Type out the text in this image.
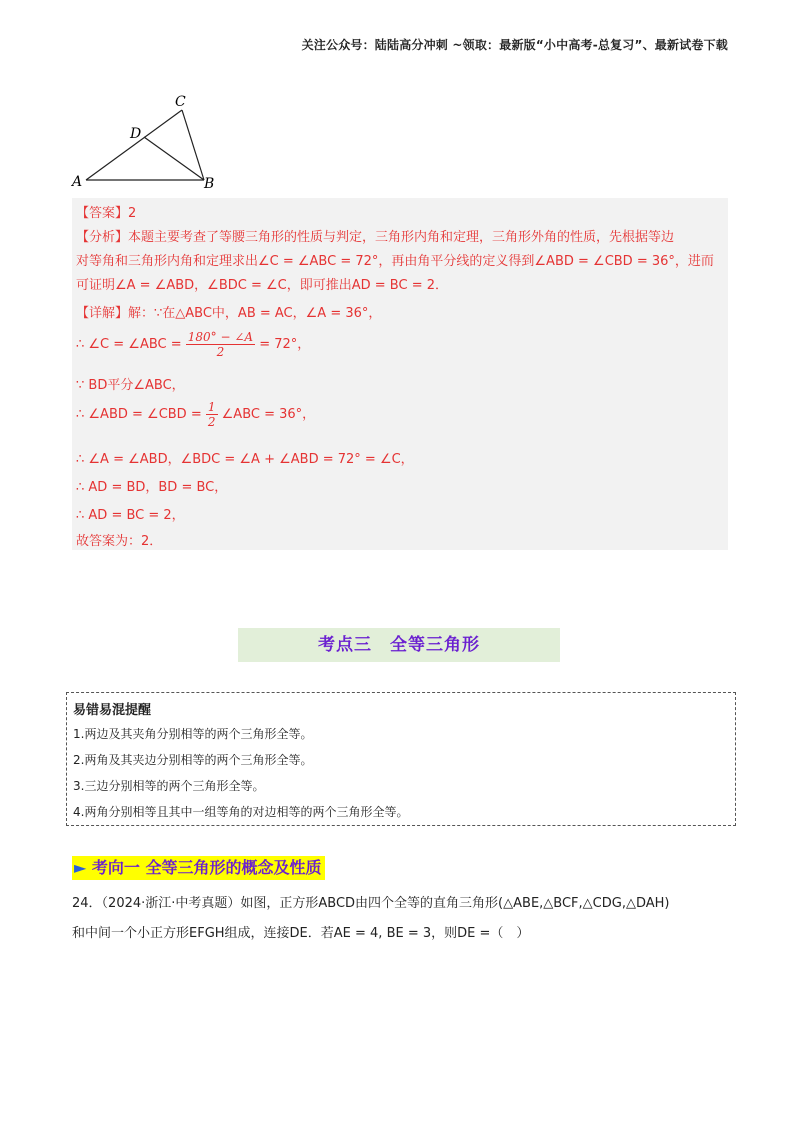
关注公众号：陆陆高分冲刺 ~领取：最新版“小中高考-总复习”、最新试卷下载
A	B
C
D
【答案】2
【分析】本题主要考查了等腰三角形的性质与判定，三角形内角和定理，三角形外角的性质，先根据等边
对等角和三角形内角和定理求出∠C = ∠ABC = 72°，再由角平分线的定义得到∠ABD = ∠CBD = 36°，进而
可证明∠A = ∠ABD，∠BDC = ∠C，即可推出AD = BC = 2．
【详解】解：∵在△ABC中，AB = AC，∠A = 36°，
∴ ∠C = ∠ABC = $\frac{180^\circ - \angle A}{2} = 72^\circ$，
∵ BD平分∠ABC，
∴ ∠ABD = ∠CBD = $\frac{1}{2}$ ∠ABC = 36°，
∴ ∠A = ∠ABD，∠BDC = ∠A + ∠ABD = 72° = ∠C，
∴ AD = BD，BD = BC，
∴ AD = BC = 2，
故答案为：2．
考点三　全等三角形
易错易混提醒
1.两边及其夹角分别相等的两个三角形全等。
2.两角及其夹边分别相等的两个三角形全等。
3.三边分别相等的两个三角形全等。
4.两角分别相等且其中一组等角的对边相等的两个三角形全等。
► 考向一 全等三角形的概念及性质
24．（2024·浙江·中考真题）如图，正方形ABCD由四个全等的直角三角形(△ABE,△BCF,△CDG,△DAH)
和中间一个小正方形EFGH组成，连接DE．若AE = 4, BE = 3，则DE =（　）
